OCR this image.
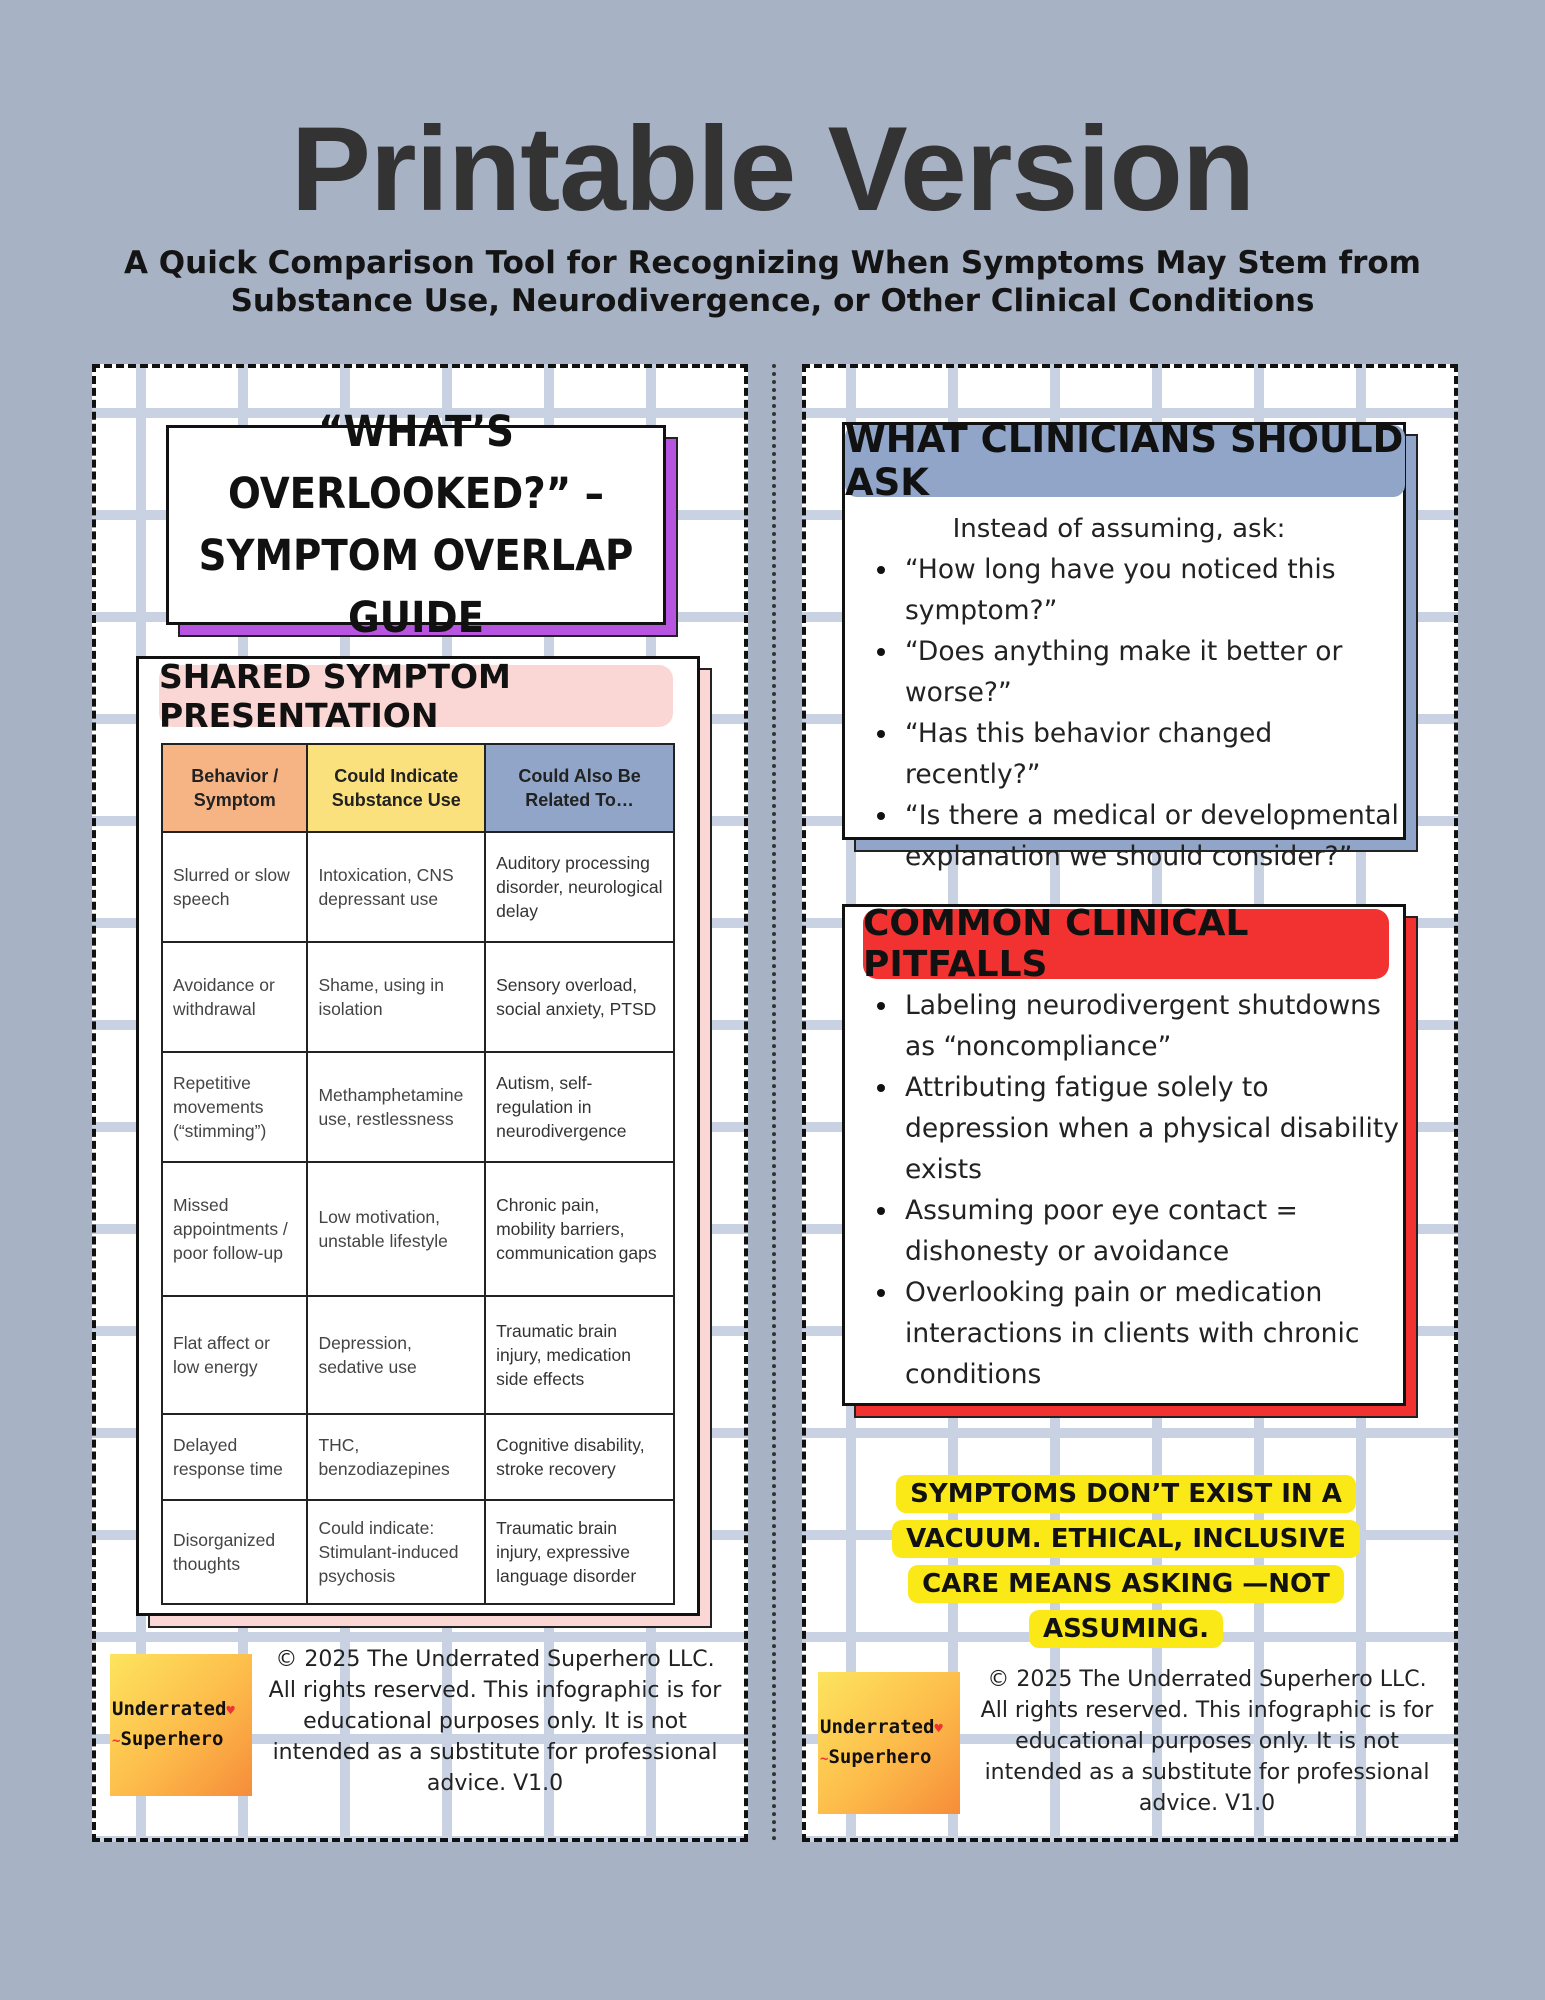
Printable Version
A Quick Comparison Tool for Recognizing When Symptoms May Stem from Substance Use, Neurodivergence, or Other Clinical Conditions
“WHAT’S OVERLOOKED?” – SYMPTOM OVERLAP GUIDE
SHARED SYMPTOM PRESENTATION
Behavior / Symptom	Could Indicate Substance Use	Could Also Be Related To…
Slurred or slow speech	Intoxication, CNS depressant use	Auditory processing disorder, neurological delay
Avoidance or withdrawal	Shame, using in isolation	Sensory overload, social anxiety, PTSD
Repetitive movements (“stimming”)	Methamphetamine use, restlessness	Autism, self-regulation in neurodivergence
Missed appointments / poor follow-up	Low motivation, unstable lifestyle	Chronic pain, mobility barriers, communication gaps
Flat affect or low energy	Depression, sedative use	Traumatic brain injury, medication side effects
Delayed response time	THC, benzodiazepines	Cognitive disability, stroke recovery
Disorganized thoughts	Could indicate: Stimulant-induced psychosis	Traumatic brain injury, expressive language disorder
Underrated♥
~Superhero
© 2025 The Underrated Superhero LLC. All rights reserved. This infographic is for educational purposes only. It is not intended as a substitute for professional advice. V1.0
WHAT CLINICIANS SHOULD ASK
Instead of assuming, ask:
“How long have you noticed this symptom?”
“Does anything make it better or worse?”
“Has this behavior changed recently?”
“Is there a medical or developmental explanation we should consider?”
COMMON CLINICAL PITFALLS
Labeling neurodivergent shutdowns as “noncompliance”
Attributing fatigue solely to depression when a physical disability exists
Assuming poor eye contact = dishonesty or avoidance
Overlooking pain or medication interactions in clients with chronic conditions
SYMPTOMS DON’T EXIST IN A VACUUM. ETHICAL, INCLUSIVE CARE MEANS ASKING —NOT ASSUMING.
Underrated♥
~Superhero
© 2025 The Underrated Superhero LLC. All rights reserved. This infographic is for educational purposes only. It is not intended as a substitute for professional advice. V1.0
